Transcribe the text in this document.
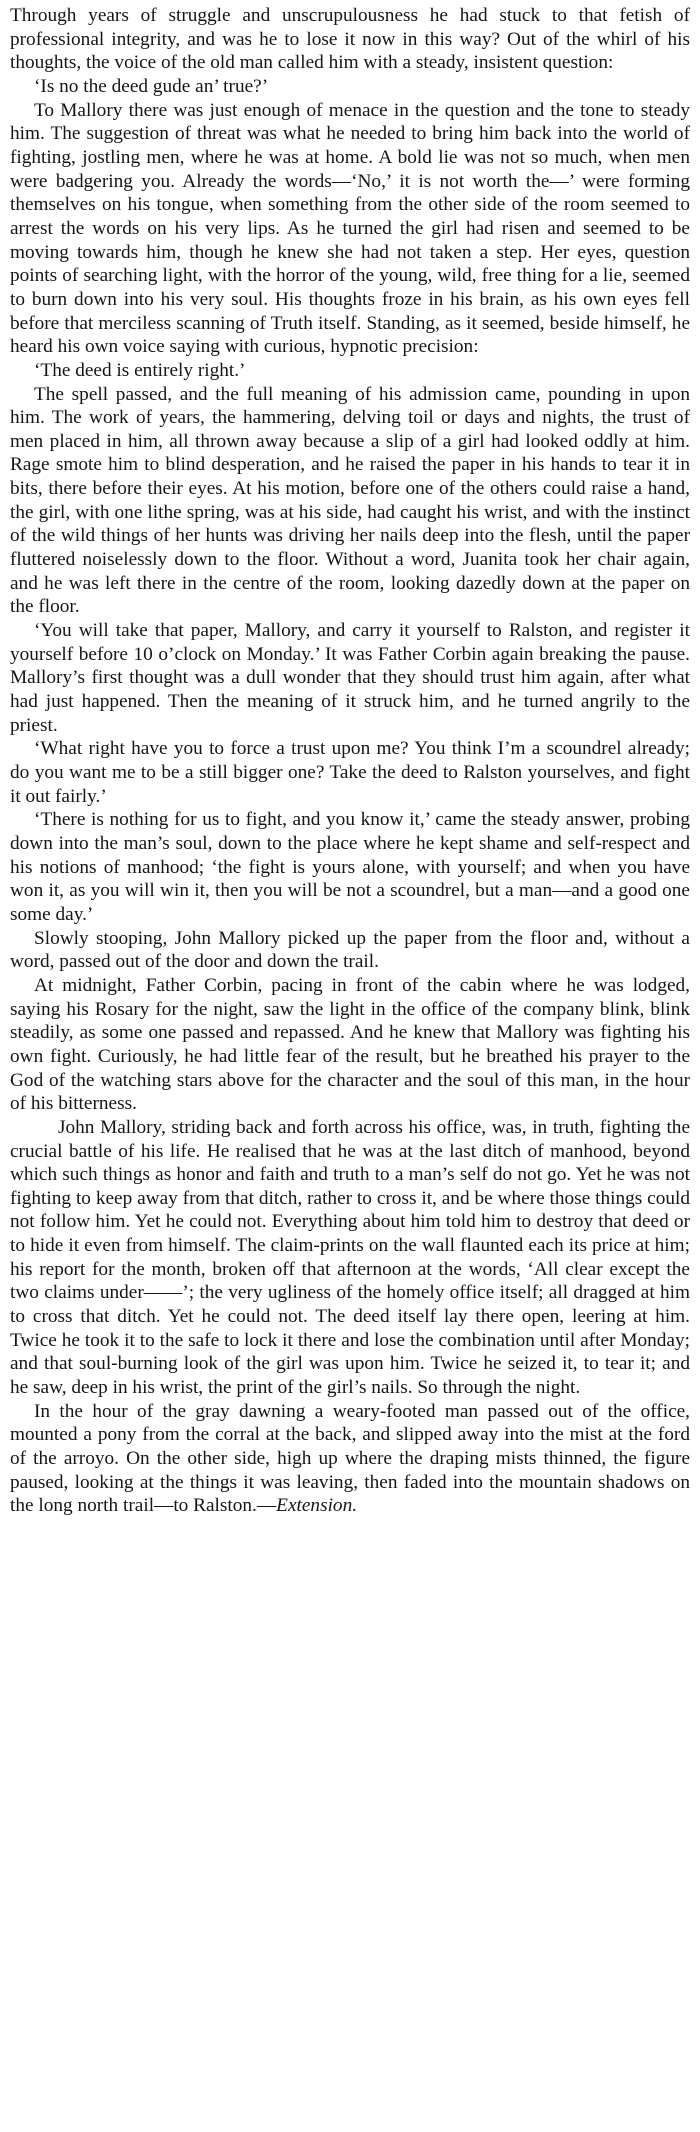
Through years of struggle and unscrupulousness he had stuck to that fetish of professional integrity, and was he to lose it now in this way? Out of the whirl of his thoughts, the voice of the old man called him with a steady, insistent question:

‘Is no the deed gude an’ true?’

To Mallory there was just enough of menace in the question and the tone to steady him. The suggestion of threat was what he needed to bring him back into the world of fighting, jostling men, where he was at home. A bold lie was not so much, when men were badgering you. Already the words—‘No,’ it is not worth the—’ were forming themselves on his tongue, when something from the other side of the room seemed to arrest the words on his very lips. As he turned the girl had risen and seemed to be moving towards him, though he knew she had not taken a step. Her eyes, question points of searching light, with the horror of the young, wild, free thing for a lie, seemed to burn down into his very soul. His thoughts froze in his brain, as his own eyes fell before that merciless scanning of Truth itself. Standing, as it seemed, beside himself, he heard his own voice saying with curious, hypnotic precision:

‘The deed is entirely right.’

The spell passed, and the full meaning of his admission came, pounding in upon him. The work of years, the hammering, delving toil or days and nights, the trust of men placed in him, all thrown away because a slip of a girl had looked oddly at him. Rage smote him to blind desperation, and he raised the paper in his hands to tear it in bits, there before their eyes. At his motion, before one of the others could raise a hand, the girl, with one lithe spring, was at his side, had caught his wrist, and with the instinct of the wild things of her hunts was driving her nails deep into the flesh, until the paper fluttered noiselessly down to the floor. Without a word, Juanita took her chair again, and he was left there in the centre of the room, looking dazedly down at the paper on the floor.

‘You will take that paper, Mallory, and carry it yourself to Ralston, and register it yourself before 10 o’clock on Monday.’ It was Father Corbin again breaking the pause. Mallory’s first thought was a dull wonder that they should trust him again, after what had just happened. Then the meaning of it struck him, and he turned angrily to the priest.

‘What right have you to force a trust upon me? You think I’m a scoundrel already; do you want me to be a still bigger one? Take the deed to Ralston yourselves, and fight it out fairly.’

‘There is nothing for us to fight, and you know it,’ came the steady answer, probing down into the man’s soul, down to the place where he kept shame and self-respect and his notions of manhood; ‘the fight is yours alone, with yourself; and when you have won it, as you will win it, then you will be not a scoundrel, but a man—and a good one some day.’

Slowly stooping, John Mallory picked up the paper from the floor and, without a word, passed out of the door and down the trail.

At midnight, Father Corbin, pacing in front of the cabin where he was lodged, saying his Rosary for the night, saw the light in the office of the company blink, blink steadily, as some one passed and repassed. And he knew that Mallory was fighting his own fight. Curiously, he had little fear of the result, but he breathed his prayer to the God of the watching stars above for the character and the soul of this man, in the hour of his bitterness.

John Mallory, striding back and forth across his office, was, in truth, fighting the crucial battle of his life. He realised that he was at the last ditch of manhood, beyond which such things as honor and faith and truth to a man’s self do not go. Yet he was not fighting to keep away from that ditch, rather to cross it, and be where those things could not follow him. Yet he could not. Everything about him told him to destroy that deed or to hide it even from himself. The claim-prints on the wall flaunted each its price at him; his report for the month, broken off that afternoon at the words, ‘All clear except the two claims under——’; the very ugliness of the homely office itself; all dragged at him to cross that ditch. Yet he could not. The deed itself lay there open, leering at him. Twice he took it to the safe to lock it there and lose the combination until after Monday; and that soul-burning look of the girl was upon him. Twice he seized it, to tear it; and he saw, deep in his wrist, the print of the girl’s nails. So through the night.

In the hour of the gray dawning a weary-footed man passed out of the office, mounted a pony from the corral at the back, and slipped away into the mist at the ford of the arroyo. On the other side, high up where the draping mists thinned, the figure paused, looking at the things it was leaving, then faded into the mountain shadows on the long north trail—to Ralston.—Extension.
